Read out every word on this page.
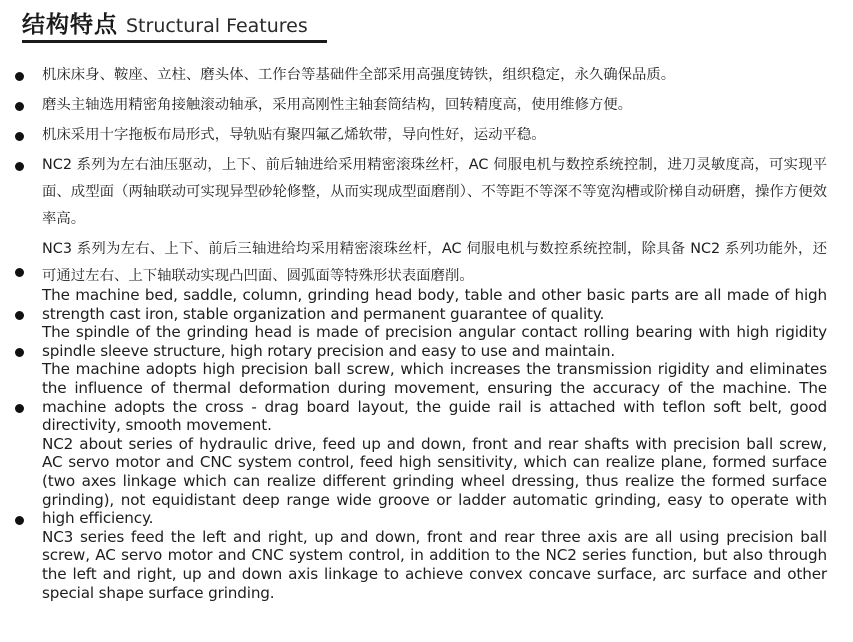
结构特点 Structural Features
机床床身、鞍座、立柱、磨头体、工作台等基础件全部采用高强度铸铁，组织稳定，永久确保品质。
磨头主轴选用精密角接触滚动轴承，采用高刚性主轴套筒结构，回转精度高，使用维修方便。
机床采用十字拖板布局形式，导轨贴有聚四氟乙烯软带，导向性好，运动平稳。
NC2 系列为左右油压驱动，上下、前后轴进给采用精密滚珠丝杆，AC 伺服电机与数控系统控制，进刀灵敏度高，可实现平面、成型面（两轴联动可实现异型砂轮修整，从而实现成型面磨削）、不等距不等深不等宽沟槽或阶梯自动研磨，操作方便效率高。
NC3 系列为左右、上下、前后三轴进给均采用精密滚珠丝杆，AC 伺服电机与数控系统控制，除具备 NC2 系列功能外，还可通过左右、上下轴联动实现凸凹面、圆弧面等特殊形状表面磨削。
The machine bed, saddle, column, grinding head body, table and other basic parts are all made of high strength cast iron, stable organization and permanent guarantee of quality.
The spindle of the grinding head is made of precision angular contact rolling bearing with high rigidity spindle sleeve structure, high rotary precision and easy to use and maintain.
The machine adopts high precision ball screw, which increases the transmission rigidity and eliminates the influence of thermal deformation during movement, ensuring the accuracy of the machine. The machine adopts the cross - drag board layout, the guide rail is attached with teflon soft belt, good directivity, smooth movement.
NC2 about series of hydraulic drive, feed up and down, front and rear shafts with precision ball screw, AC servo motor and CNC system control, feed high sensitivity, which can realize plane, formed surface (two axes linkage which can realize different grinding wheel dressing, thus realize the formed surface grinding), not equidistant deep range wide groove or ladder automatic grinding, easy to operate with high efficiency.
NC3 series feed the left and right, up and down, front and rear three axis are all using precision ball screw, AC servo motor and CNC system control, in addition to the NC2 series function, but also through the left and right, up and down axis linkage to achieve convex concave surface, arc surface and other special shape surface grinding.
